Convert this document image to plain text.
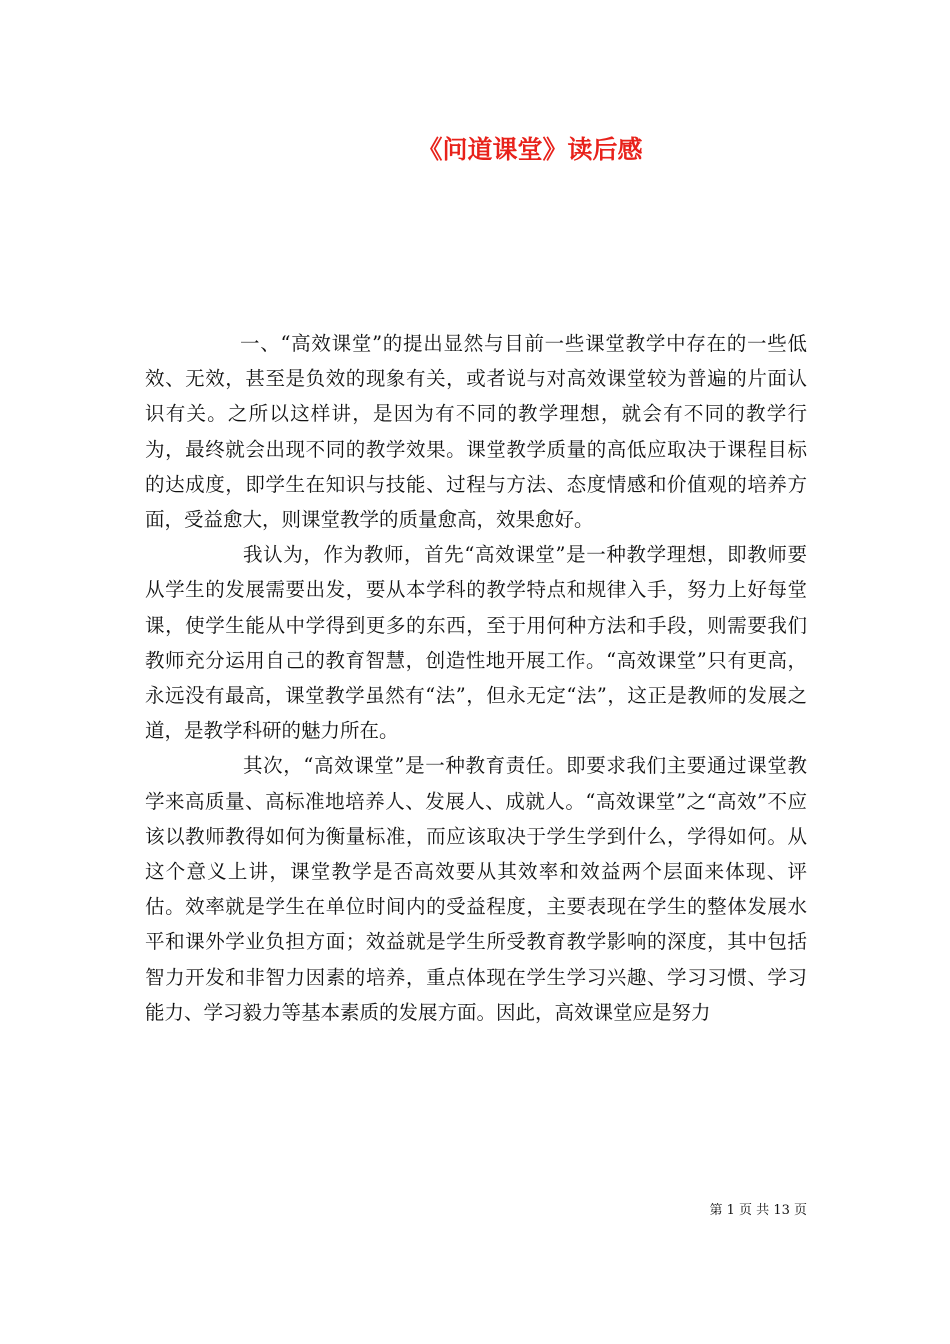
《问道课堂》读后感

一、“高效课堂”的提出显然与目前一些课堂教学中存在的一些低效、无效，甚至是负效的现象有关，或者说与对高效课堂较为普遍的片面认识有关。之所以这样讲，是因为有不同的教学理想，就会有不同的教学行为，最终就会出现不同的教学效果。课堂教学质量的高低应取决于课程目标的达成度，即学生在知识与技能、过程与方法、态度情感和价值观的培养方面，受益愈大，则课堂教学的质量愈高，效果愈好。

我认为，作为教师，首先“高效课堂”是一种教学理想，即教师要从学生的发展需要出发，要从本学科的教学特点和规律入手，努力上好每堂课，使学生能从中学得到更多的东西，至于用何种方法和手段，则需要我们教师充分运用自己的教育智慧，创造性地开展工作。“高效课堂”只有更高，永远没有最高，课堂教学虽然有“法”，但永无定“法”，这正是教师的发展之道，是教学科研的魅力所在。

其次，“高效课堂”是一种教育责任。即要求我们主要通过课堂教学来高质量、高标准地培养人、发展人、成就人。“高效课堂”之“高效”不应该以教师教得如何为衡量标准，而应该取决于学生学到什么，学得如何。从这个意义上讲，课堂教学是否高效要从其效率和效益两个层面来体现、评估。效率就是学生在单位时间内的受益程度，主要表现在学生的整体发展水平和课外学业负担方面；效益就是学生所受教育教学影响的深度，其中包括智力开发和非智力因素的培养，重点体现在学生学习兴趣、学习习惯、学习能力、学习毅力等基本素质的发展方面。因此，高效课堂应是努力

第 1 页 共 13 页
